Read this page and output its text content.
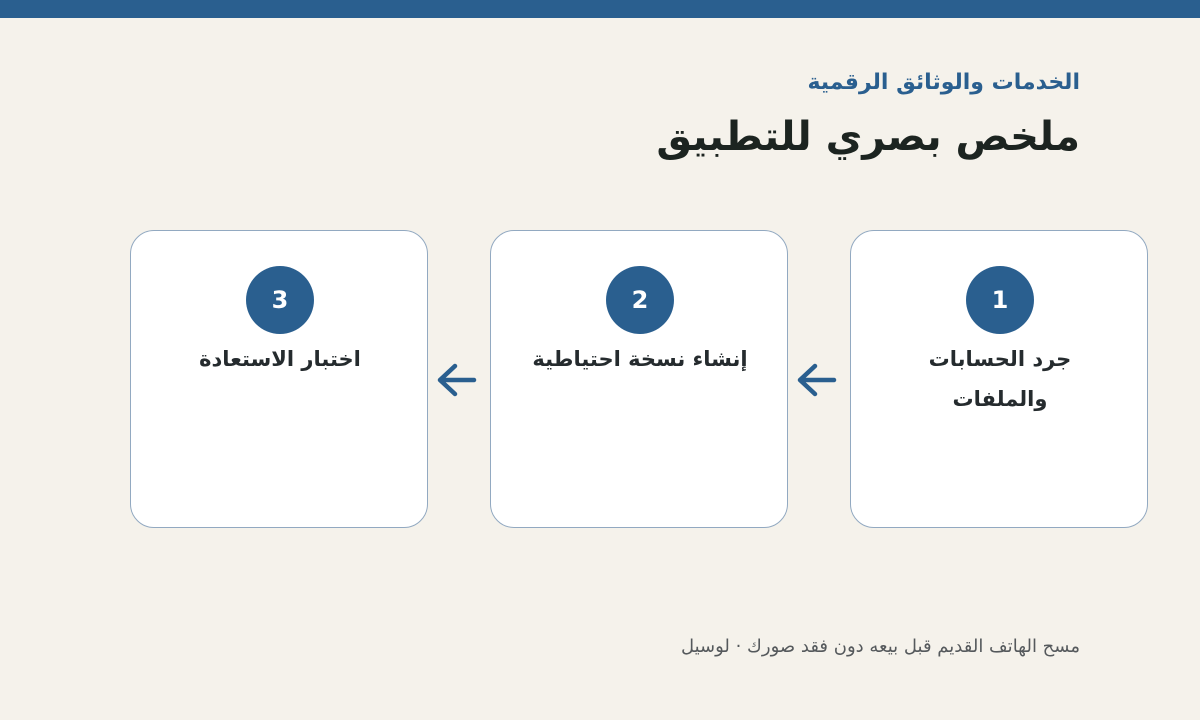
الخدمات والوثائق الرقمية

ملخص بصري للتطبيق
1

جرد الحسابات والملفات

2

إنشاء نسخة احتياطية

3

اختبار الاستعادة

مسح الهاتف القديم قبل بيعه دون فقد صورك · لوسيل
